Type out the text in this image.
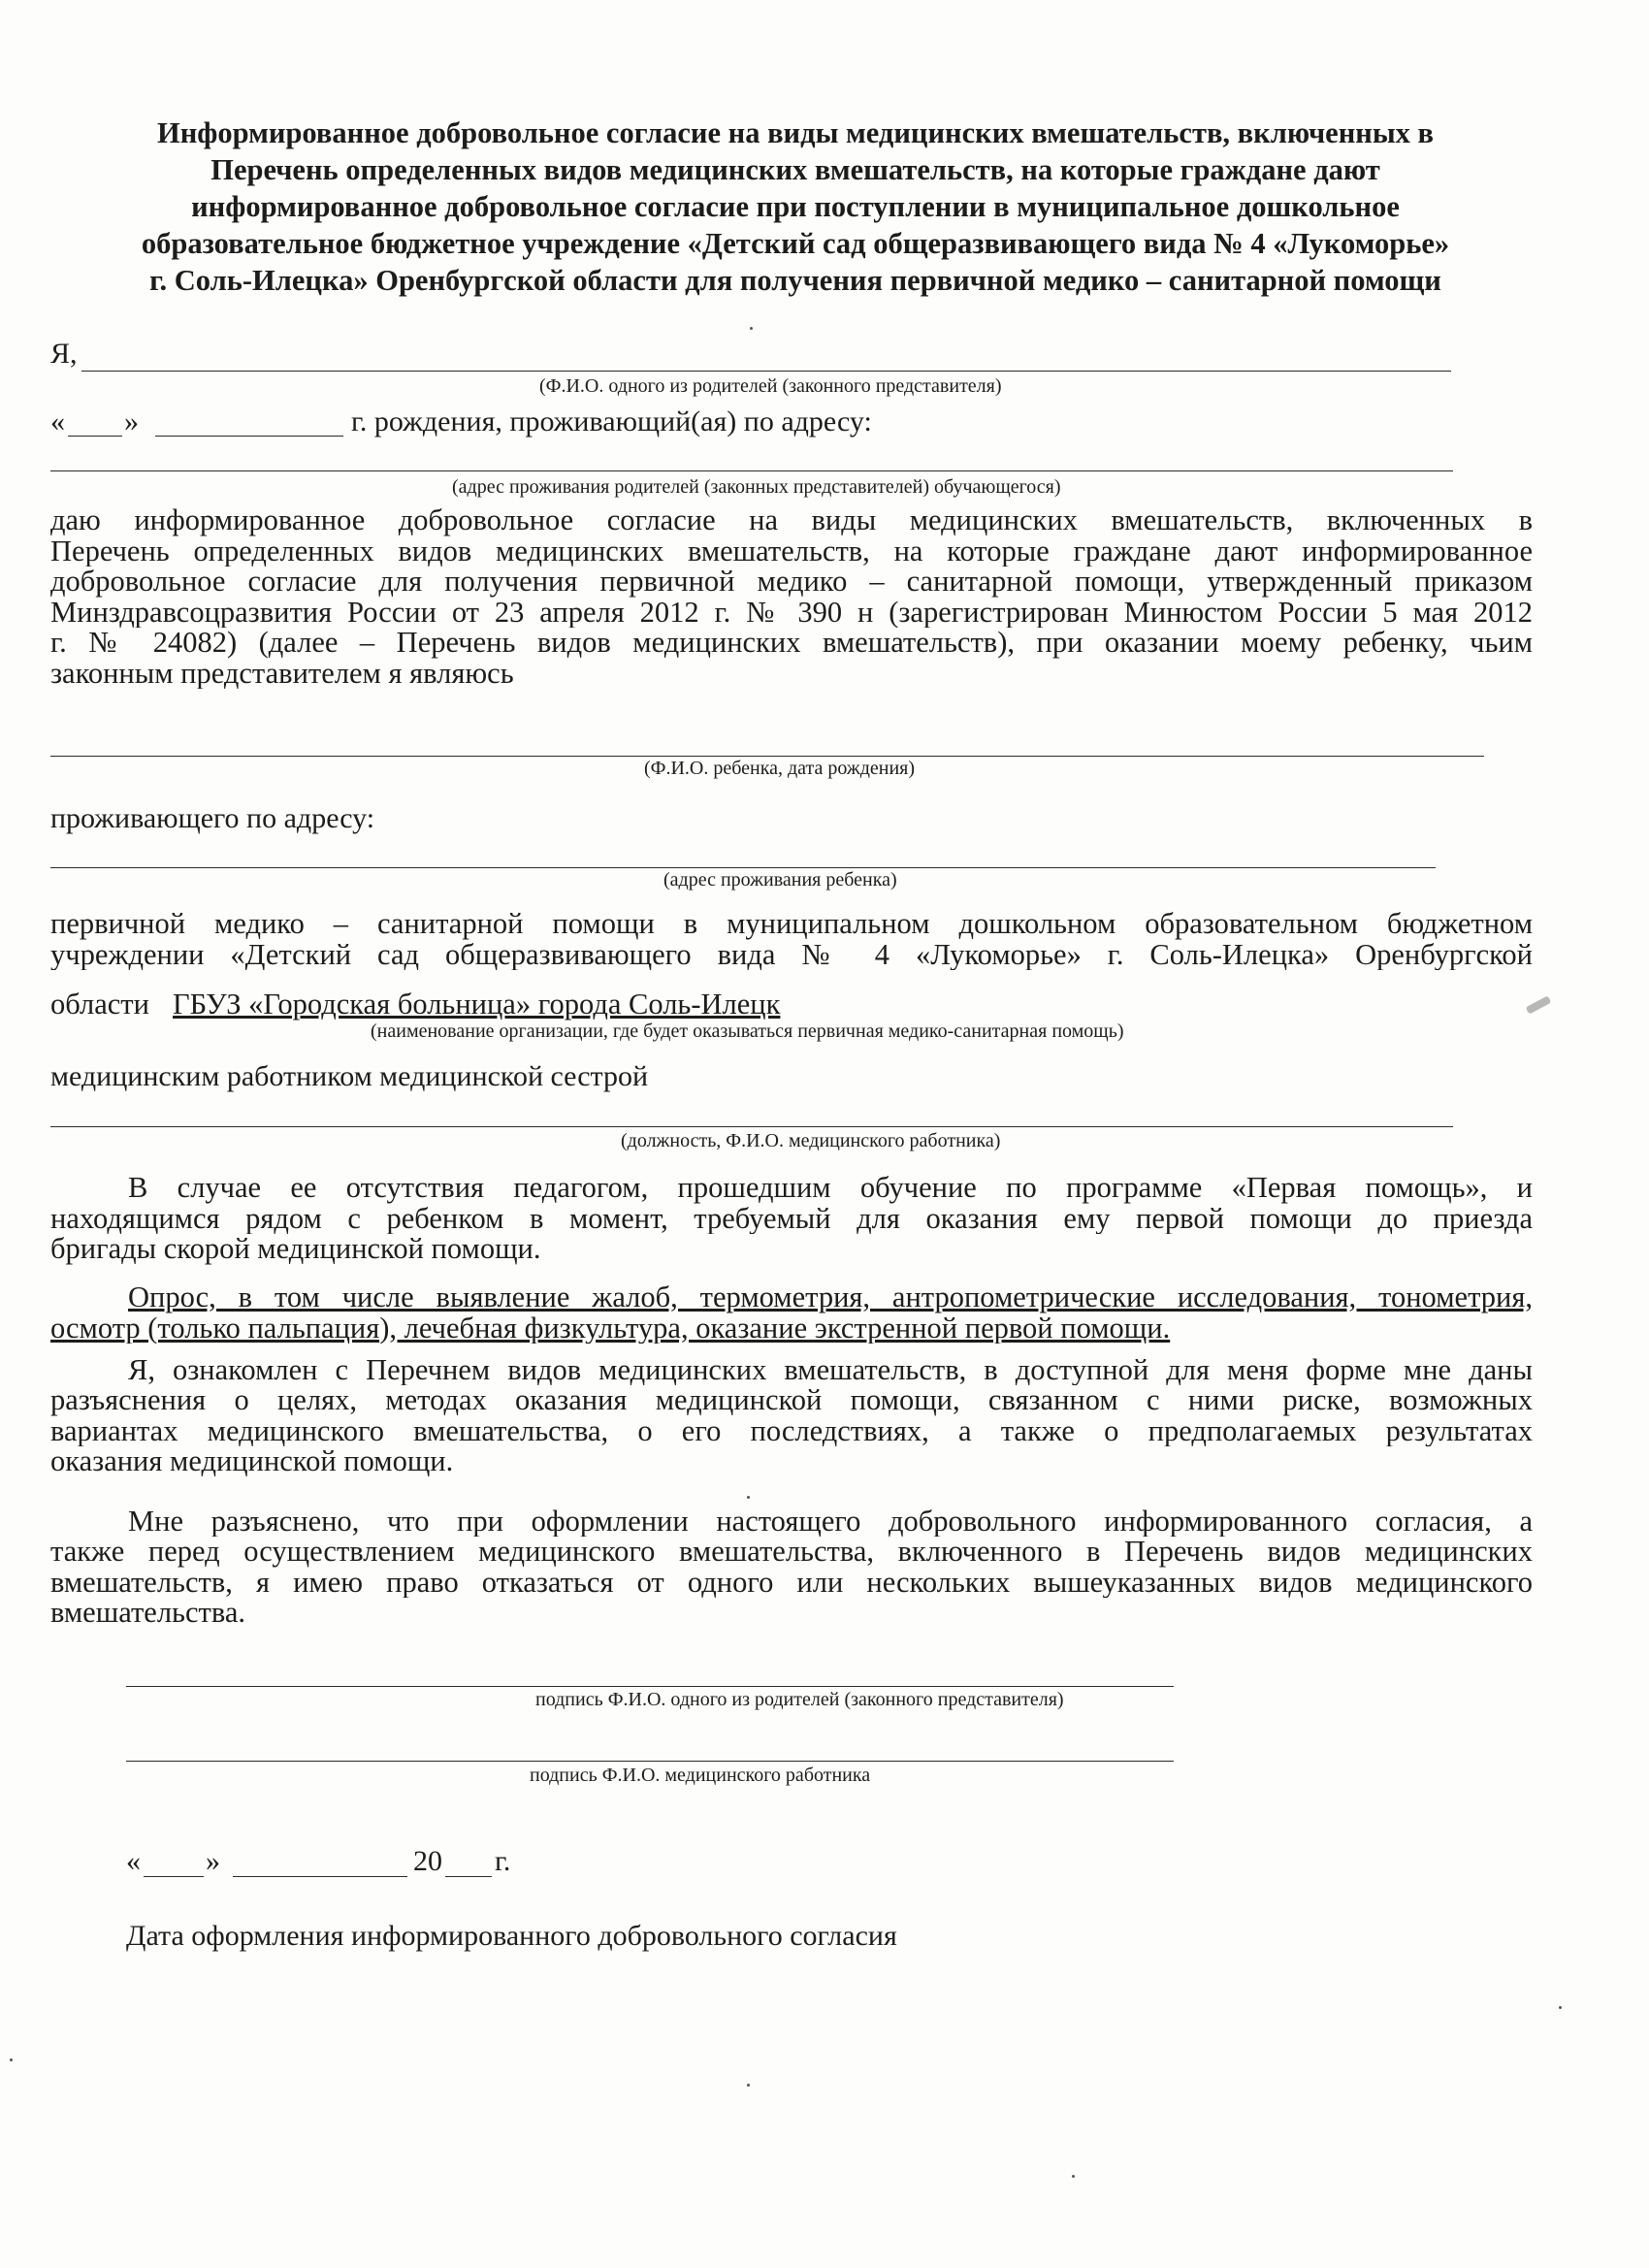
Информированное добровольное согласие на виды медицинских вмешательств, включенных в
Перечень определенных видов медицинских вмешательств, на которые граждане дают
информированное добровольное согласие при поступлении в муниципальное дошкольное
образовательное бюджетное учреждение «Детский сад общеразвивающего вида № 4 «Лукоморье»
г. Соль-Илецка» Оренбургской области для получения первичной медико – санитарной помощи
Я,
(Ф.И.О. одного из родителей (законного представителя)
« »	г. рождения, проживающий(ая) по адресу:
(адрес проживания родителей (законных представителей) обучающегося)
даю информированное добровольное согласие на виды медицинских вмешательств, включенных в
Перечень определенных видов медицинских вмешательств, на которые граждане дают информированное
добровольное согласие для получения первичной медико – санитарной помощи, утвержденный приказом
Минздравсоцразвития России от 23 апреля 2012 г. № 390 н (зарегистрирован Минюстом России 5 мая 2012
г. № 24082) (далее – Перечень видов медицинских вмешательств), при оказании моему ребенку, чьим
законным представителем я являюсь
(Ф.И.О. ребенка, дата рождения)
проживающего по адресу:
(адрес проживания ребенка)
первичной медико – санитарной помощи в муниципальном дошкольном образовательном бюджетном
учреждении «Детский сад общеразвивающего вида № 4 «Лукоморье» г. Соль-Илецка» Оренбургской
области ГБУЗ «Городская больница» города Соль-Илецк
(наименование организации, где будет оказываться первичная медико-санитарная помощь)
медицинским работником медицинской сестрой
(должность, Ф.И.О. медицинского работника)
В случае ее отсутствия педагогом, прошедшим обучение по программе «Первая помощь», и
находящимся рядом с ребенком в момент, требуемый для оказания ему первой помощи до приезда
бригады скорой медицинской помощи.
Опрос, в том числе выявление жалоб, термометрия, антропометрические исследования, тонометрия,
осмотр (только пальпация), лечебная физкультура, оказание экстренной первой помощи.
Я, ознакомлен с Перечнем видов медицинских вмешательств, в доступной для меня форме мне даны
разъяснения о целях, методах оказания медицинской помощи, связанном с ними риске, возможных
вариантах медицинского вмешательства, о его последствиях, а также о предполагаемых результатах
оказания медицинской помощи.
Мне разъяснено, что при оформлении настоящего добровольного информированного согласия, а
также перед осуществлением медицинского вмешательства, включенного в Перечень видов медицинских
вмешательств, я имею право отказаться от одного или нескольких вышеуказанных видов медицинского
вмешательства.
подпись Ф.И.О. одного из родителей (законного представителя)
подпись Ф.И.О. медицинского работника
« »	20 г.
Дата оформления информированного добровольного согласия
